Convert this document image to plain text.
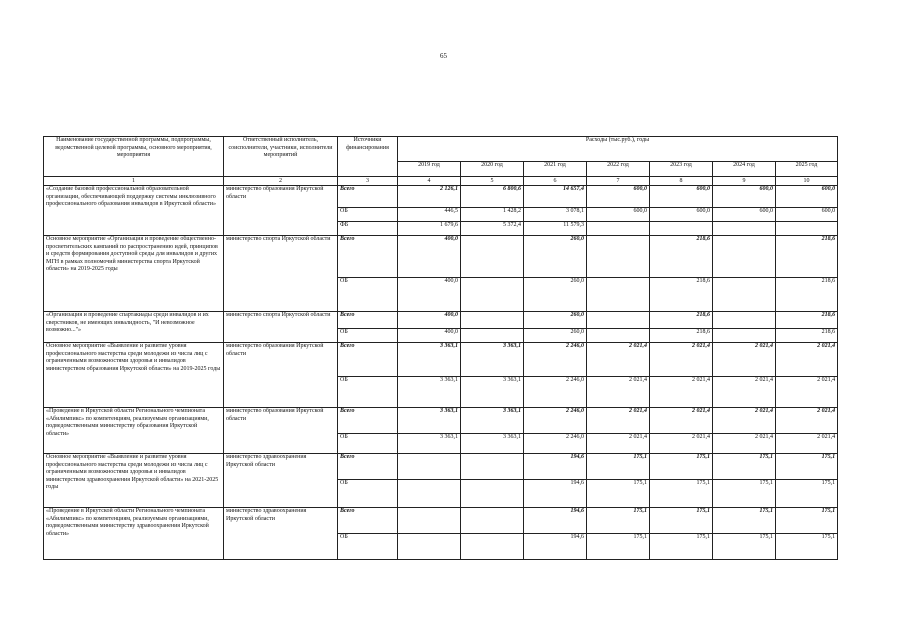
65
Наименование государственной программы, подпрограммы, ведомственной целевой программы, основного мероприятия, мероприятия	Ответственный исполнитель, соисполнители, участники, исполнители мероприятий	Источники финансирования	Расходы (тыс.руб.), годы						
			2019 год	2020 год	2021 год	2022 год	2023 год	2024 год	2025 год
1	2	3	4	5	6	7	8	9	10
«Создание базовой профессиональной образовательной организации, обеспечивающей поддержку системы инклюзивного профессионального образования инвалидов в Иркутской области»	министерство образования Иркутской области	Всего	2 126,1	6 800,6	14 657,4	600,0	600,0	600,0	600,0
		ОБ	446,5	1 428,2	3 078,1	600,0	600,0	600,0	600,0
		ФБ	1 679,6	5 372,4	11 579,3				
Основное мероприятие «Организация и проведение общественно-просветительских кампаний по распространению идей, принципов и средств формирования доступной среды для инвалидов и других МГН в рамках полномочий министерства спорта Иркутской области» на 2019-2025 годы	министерство спорта Иркутской области	Всего	400,0		260,0		218,6		218,6
		ОБ	400,0		260,0		218,6		218,6
«Организация и проведение спартакиады среди инвалидов и их сверстников, не имеющих инвалидность, "И невозможное возможно..."»	министерство спорта Иркутской области	Всего	400,0		260,0		218,6		218,6
		ОБ	400,0		260,0		218,6		218,6
Основное мероприятие «Выявление и развитие уровня профессионального мастерства среди молодежи из числа лиц с ограниченными возможностями здоровья и инвалидов министерством образования Иркутской области» на 2019-2025 годы	министерство образования Иркутской области	Всего	3 363,1	3 363,1	2 246,0	2 021,4	2 021,4	2 021,4	2 021,4
		ОБ	3 363,1	3 363,1	2 246,0	2 021,4	2 021,4	2 021,4	2 021,4
«Проведение в Иркутской области Регионального чемпионата «Абилимпикс» по компетенциям, реализуемым организациями, подведомственными министерству образования Иркутской области»	министерство образования Иркутской области	Всего	3 363,1	3 363,1	2 246,0	2 021,4	2 021,4	2 021,4	2 021,4
		ОБ	3 363,1	3 363,1	2 246,0	2 021,4	2 021,4	2 021,4	2 021,4
Основное мероприятие «Выявление и развитие уровня профессионального мастерства среди молодежи из числа лиц с ограниченными возможностями здоровья и инвалидов министерством здравоохранения Иркутской области» на 2021-2025 годы	министерство здравоохранения Иркутской области	Всего			194,6	175,1	175,1	175,1	175,1
		ОБ			194,6	175,1	175,1	175,1	175,1
«Проведение в Иркутской области Регионального чемпионата «Абилимпикс» по компетенциям, реализуемым организациями, подведомственными министерству здравоохранения Иркутской области»	министерство здравоохранения Иркутской области	Всего			194,6	175,1	175,1	175,1	175,1
		ОБ			194,6	175,1	175,1	175,1	175,1
